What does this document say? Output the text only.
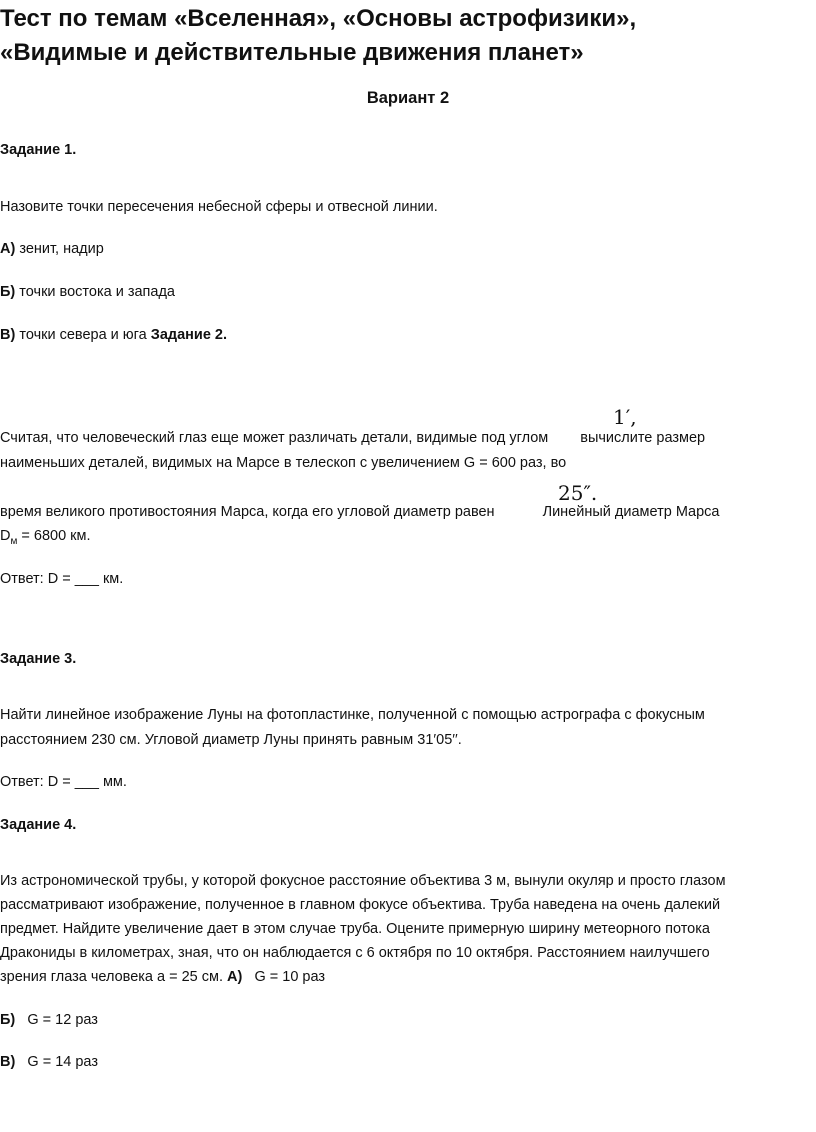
Тест по темам «Вселенная», «Основы астрофизики»,
«Видимые и действительные движения планет»
Вариант 2
Задание 1.
Назовите точки пересечения небесной сферы и отвесной линии.
А) зенит, надир
Б) точки востока и запада
В) точки севера и юга Задание 2.
1′,
Считая, что человеческий глаз еще может различать детали, видимые под углом вычислите размер
наименьших деталей, видимых на Марсе в телескоп с увеличением G = 600 раз, во
25″.
время великого противостояния Марса, когда его угловой диаметр равен	Линейный диаметр Марса
$D_м = 6800$ км.
Ответ: D = ___ км.
Задание 3.
Найти линейное изображение Луны на фотопластинке, полученной с помощью астрографа с фокусным
расстоянием 230 см. Угловой диаметр Луны принять равным 31′05′′.
Ответ: D = ___ мм.
Задание 4.
Из астрономической трубы, у которой фокусное расстояние объектива 3 м, вынули окуляр и просто глазом
рассматривают изображение, полученное в главном фокусе объектива. Труба наведена на очень далекий
предмет. Найдите увеличение дает в этом случае труба. Оцените примерную ширину метеорного потока
Дракониды в километрах, зная, что он наблюдается с 6 октября по 10 октября. Расстоянием наилучшего
зрения глаза человека a = 25 см. А) G = 10 раз
Б) G = 12 раз
В) G = 14 раз
